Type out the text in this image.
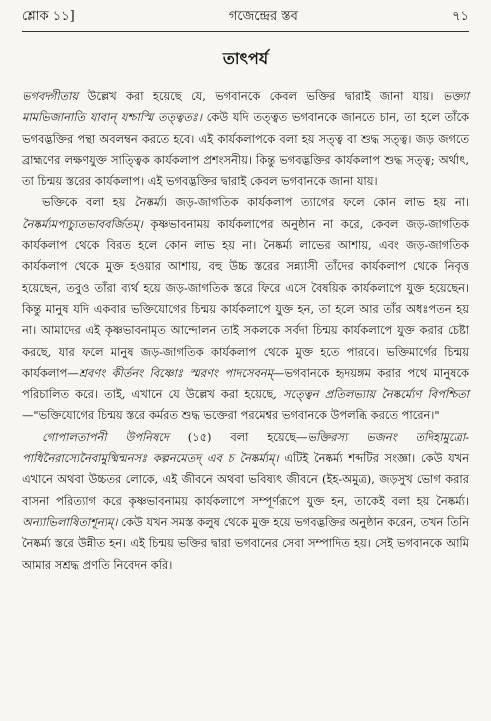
শ্লোক ১১]	গজেন্দ্রের স্তব	৭১
তাৎপর্য

ভগবদ্গীতায় উল্লেখ করা হয়েছে যে, ভগবানকে কেবল ভক্তির দ্বারাই জানা যায়। ভক্ত্যা মামভিজানাতি যাবান্ যশ্চাস্মি তত্ত্বতঃ। কেউ যদি তত্ত্বত ভগবানকে জানতে চান, তা হলে তাঁকে ভগবদ্ভক্তির পন্থা অবলম্বন করতে হবে। এই কার্যকলাপকে বলা হয় সত্ত্ব বা শুদ্ধ সত্ত্ব। জড় জগতে ব্রাহ্মণের লক্ষণযুক্ত সাত্ত্বিক কার্যকলাপ প্রশংসনীয়। কিন্তু ভগবদ্ভক্তির কার্যকলাপ শুদ্ধ সত্ত্ব; অর্থাৎ, তা চিন্ময় স্তরের কার্যকলাপ। এই ভগবদ্ভক্তির দ্বারাই কেবল ভগবানকে জানা যায়।

ভক্তিকে বলা হয় নৈষ্কর্ম্য। জড়-জাগতিক কার্যকলাপ ত্যাগের ফলে কোন লাভ হয় না। নৈষ্কর্ম্যমপ্যচ্যুতভাববর্জিতম্। কৃষ্ণভাবনাময় কার্যকলাপের অনুষ্ঠান না করে, কেবল জড়-জাগতিক কার্যকলাপ থেকে বিরত হলে কোন লাভ হয় না। নৈষ্কর্ম্য লাভের আশায়, এবং জড়-জাগতিক কার্যকলাপ থেকে মুক্ত হওয়ার আশায়, বহু উচ্চ স্তরের সন্ন্যাসী তাঁদের কার্যকলাপ থেকে নিবৃত্ত হয়েছেন, তবুও তাঁরা ব্যর্থ হয়ে জড়-জাগতিক স্তরে ফিরে এসে বৈষয়িক কার্যকলাপে যুক্ত হয়েছেন। কিন্তু মানুষ যদি একবার ভক্তিযোগের চিন্ময় কার্যকলাপে যুক্ত হন, তা হলে আর তাঁর অধঃপতন হয় না। আমাদের এই কৃষ্ণভাবনামৃত আন্দোলন তাই সকলকে সর্বদা চিন্ময় কার্যকলাপে যুক্ত করার চেষ্টা করছে, যার ফলে মানুষ জড়-জাগতিক কার্যকলাপ থেকে মুক্ত হতে পারবে। ভক্তিমার্গের চিন্ময় কার্যকলাপ—শ্রবণং কীর্তনং বিষ্ণোঃ স্মরণং পাদসেবনম্—ভগবানকে হৃদয়ঙ্গম করার পথে মানুষকে পরিচালিত করে। তাই, এখানে যে উল্লেখ করা হয়েছে, সত্ত্বেন প্রতিলভ্যায় নৈষ্কর্ম্যেণ বিপশ্চিতা—"ভক্তিযোগের চিন্ময় স্তরে কর্মরত শুদ্ধ ভক্তেরা পরমেশ্বর ভগবানকে উপলব্ধি করতে পারেন।"

গোপালতাপনী উপনিষদে (১৫) বলা হয়েছে—ভক্তিরস্য ভজনং তদিহামুত্রো-পাধিনৈরাস্যেনৈবামুষ্মিন্মনসঃ কল্পনমেতদ্ এব চ নৈষ্কর্ম্যম্। এটিই নৈষ্কর্ম্য শব্দটির সংজ্ঞা। কেউ যখন এখানে অথবা উচ্চতর লোকে, এই জীবনে অথবা ভবিষ্যৎ জীবনে (ইহ-অমুত্র), জড়সুখ ভোগ করার বাসনা পরিত্যাগ করে কৃষ্ণভাবনাময় কার্যকলাপে সম্পূর্ণরূপে যুক্ত হন, তাকেই বলা হয় নৈষ্কর্ম্য। অন্যাভিলাষিতাশূন্যম্। কেউ যখন সমস্ত কলুষ থেকে মুক্ত হয়ে ভগবদ্ভক্তির অনুষ্ঠান করেন, তখন তিনি নৈষ্কর্ম্য স্তরে উন্নীত হন। এই চিন্ময় ভক্তির দ্বারা ভগবানের সেবা সম্পাদিত হয়। সেই ভগবানকে আমি আমার সশ্রদ্ধ প্রণতি নিবেদন করি।
